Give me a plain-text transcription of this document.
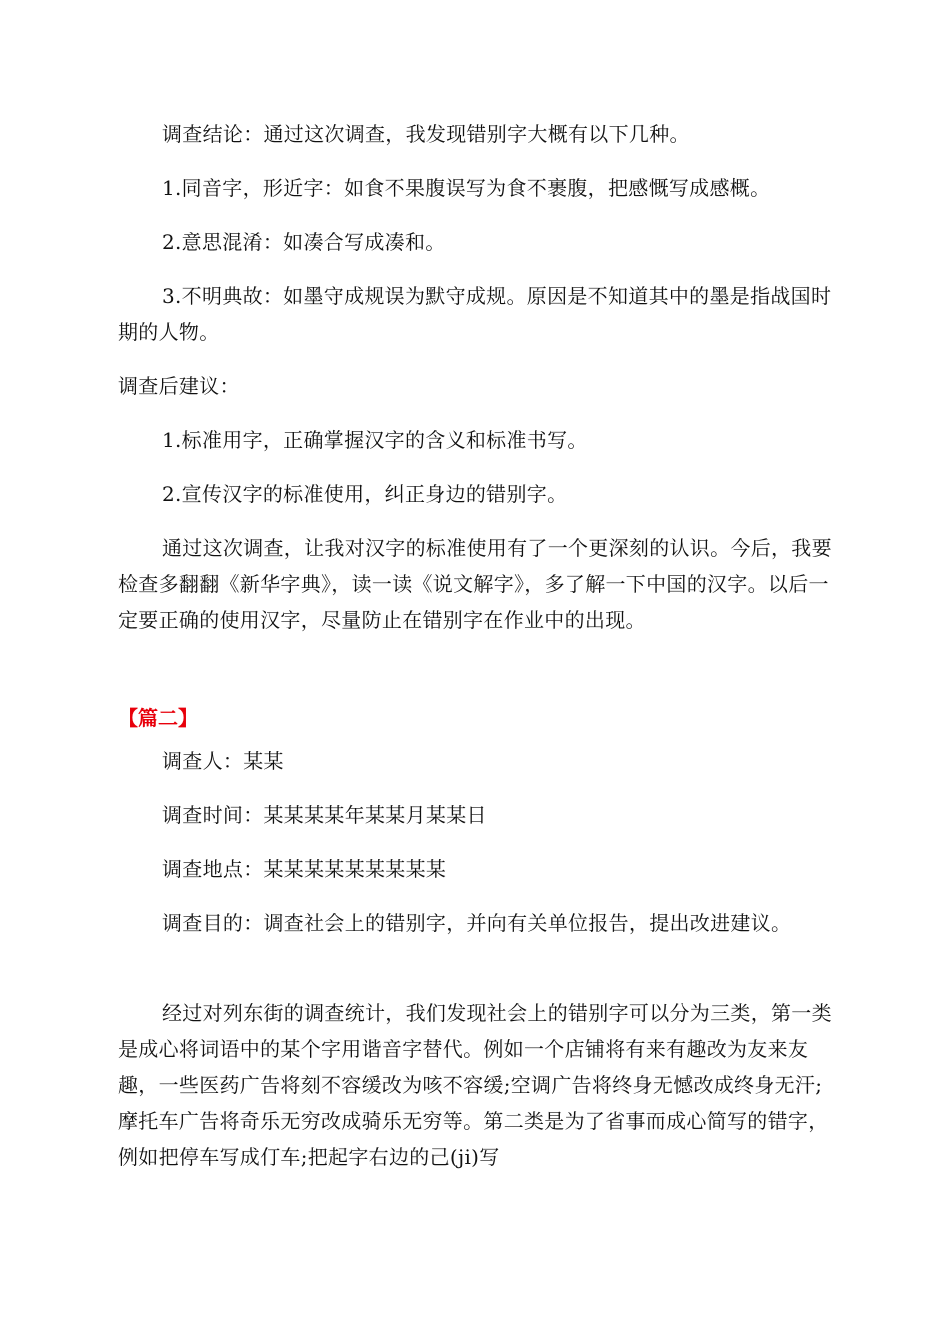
调查结论：通过这次调查，我发现错别字大概有以下几种。

1.同音字，形近字：如食不果腹误写为食不裹腹，把感慨写成感概。

2.意思混淆：如凑合写成凑和。

3.不明典故：如墨守成规误为默守成规。原因是不知道其中的墨是指战国时期的人物。

调查后建议：

1.标准用字，正确掌握汉字的含义和标准书写。

2.宣传汉字的标准使用，纠正身边的错别字。

通过这次调查，让我对汉字的标准使用有了一个更深刻的认识。今后，我要检查多翻翻《新华字典》，读一读《说文解字》，多了解一下中国的汉字。以后一定要正确的使用汉字，尽量防止在错别字在作业中的出现。

【篇二】

调查人：某某

调查时间：某某某某年某某月某某日

调查地点：某某某某某某某某某

调查目的：调查社会上的错别字，并向有关单位报告，提出改进建议。

经过对列东街的调查统计，我们发现社会上的错别字可以分为三类，第一类是成心将词语中的某个字用谐音字替代。例如一个店铺将有来有趣改为友来友趣，一些医药广告将刻不容缓改为咳不容缓;空调广告将终身无憾改成终身无汗;摩托车广告将奇乐无穷改成骑乐无穷等。第二类是为了省事而成心简写的错字，例如把停车写成仃车;把起字右边的己(ji)写
